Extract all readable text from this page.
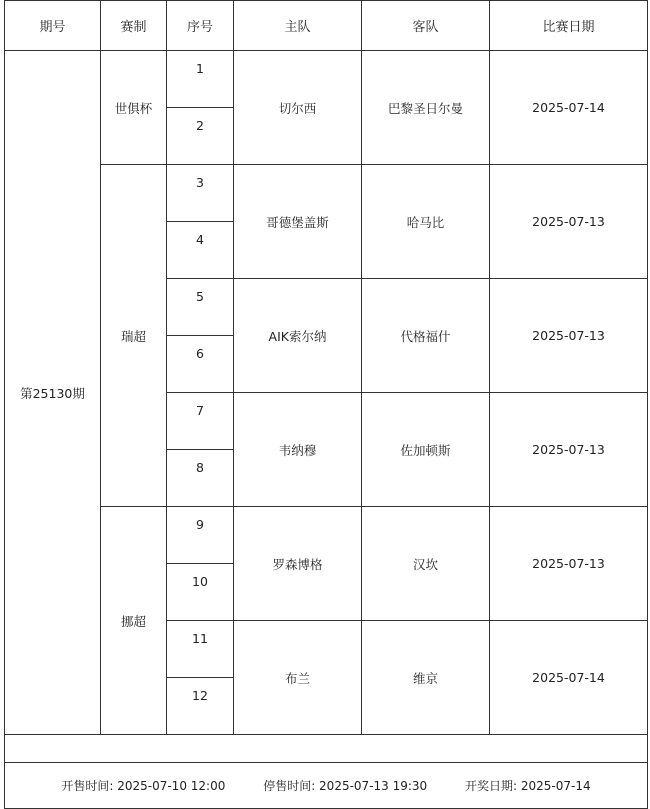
期号	赛制	序号	主队	客队	比赛日期
第25130期	世俱杯	1	切尔西	巴黎圣日尔曼	2025-07-14
		2			
	瑞超	3	哥德堡盖斯	哈马比	2025-07-13
		4			
		5	AIK索尔纳	代格福什	2025-07-13
		6			
		7	韦纳穆	佐加顿斯	2025-07-13
		8			
	挪超	9	罗森博格	汉坎	2025-07-13
		10			
		11	布兰	维京	2025-07-14
		12			

开售时间: 2025-07-10 12:00 停售时间: 2025-07-13 19:30 开奖日期: 2025-07-14					
